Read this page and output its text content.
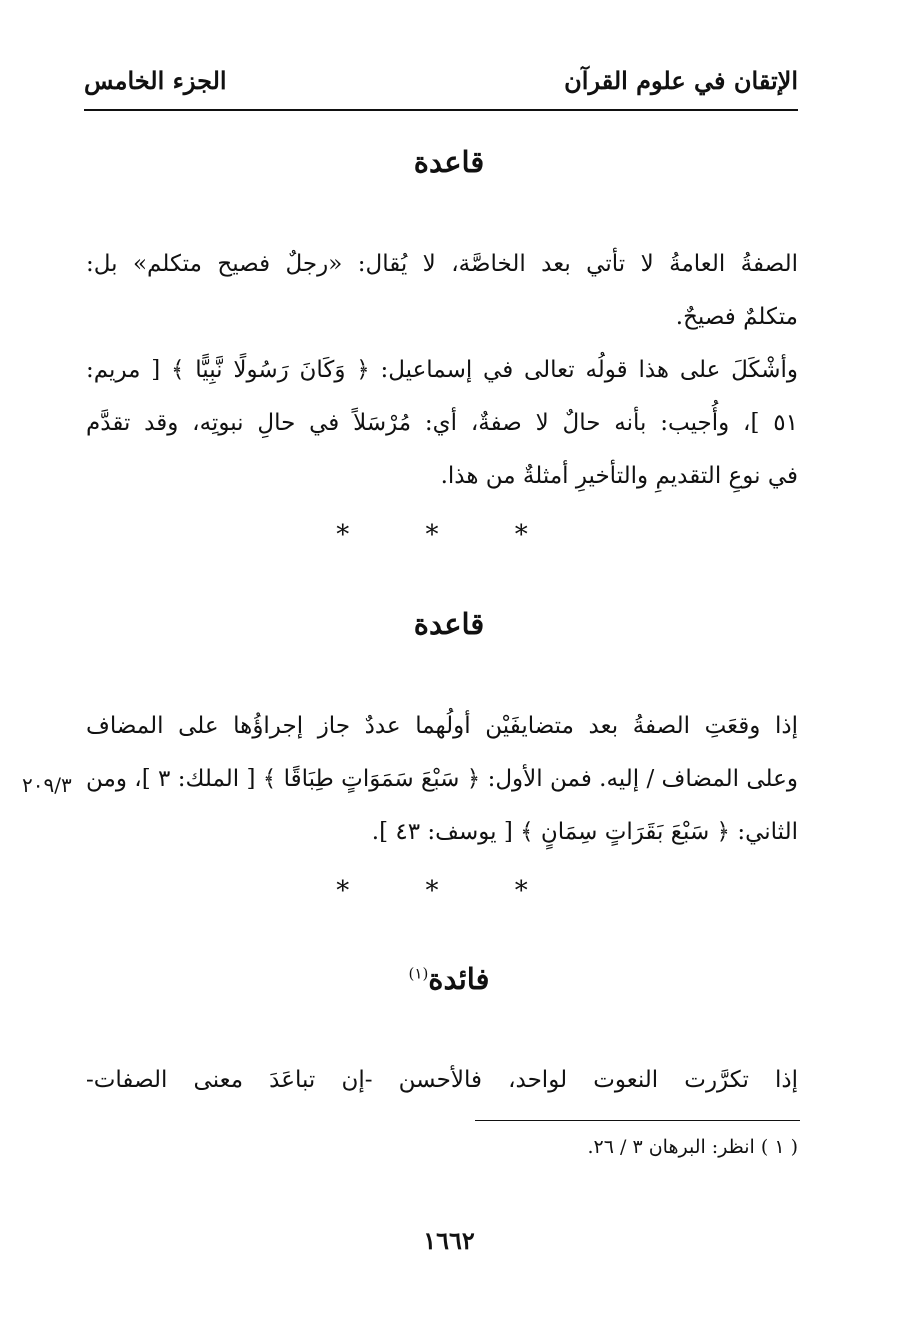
الإتقان في علوم القرآن
الجزء الخامس
قاعدة
الصفةُ العامةُ لا تأتي بعد الخاصَّة، لا يُقال: «رجلٌ فصيح متكلم» بل:
متكلمٌ فصيحٌ.
وأشْكَلَ على هذا قولُه تعالى في إسماعيل: ﴿ وَكَانَ رَسُولًا نَّبِيًّا ﴾ [ مريم:
٥١ ]، وأُجيب: بأنه حالٌ لا صفةٌ، أي: مُرْسَلاً في حالِ نبوتِه، وقد تقدَّم
في نوعِ التقديمِ والتأخيرِ أمثلةٌ من هذا.
* * *
قاعدة
إذا وقعَتِ الصفةُ بعد متضايفَيْن أولُهما عددٌ جاز إجراؤُها على المضاف
وعلى المضاف / إليه. فمن الأول: ﴿ سَبْعَ سَمَوَاتٍ طِبَاقًا ﴾ [ الملك: ٣ ]، ومن
الثاني: ﴿ سَبْعَ بَقَرَاتٍ سِمَانٍ ﴾ [ يوسف: ٤٣ ].
٢٠٩/٣
* * *
فائدة$^{(١)}$
إذا تكرَّرت النعوت لواحد، فالأحسن -إن تباعَدَ معنى الصفات-
( ١ ) انظر: البرهان ٣ / ٢٦.
١٦٦٢
